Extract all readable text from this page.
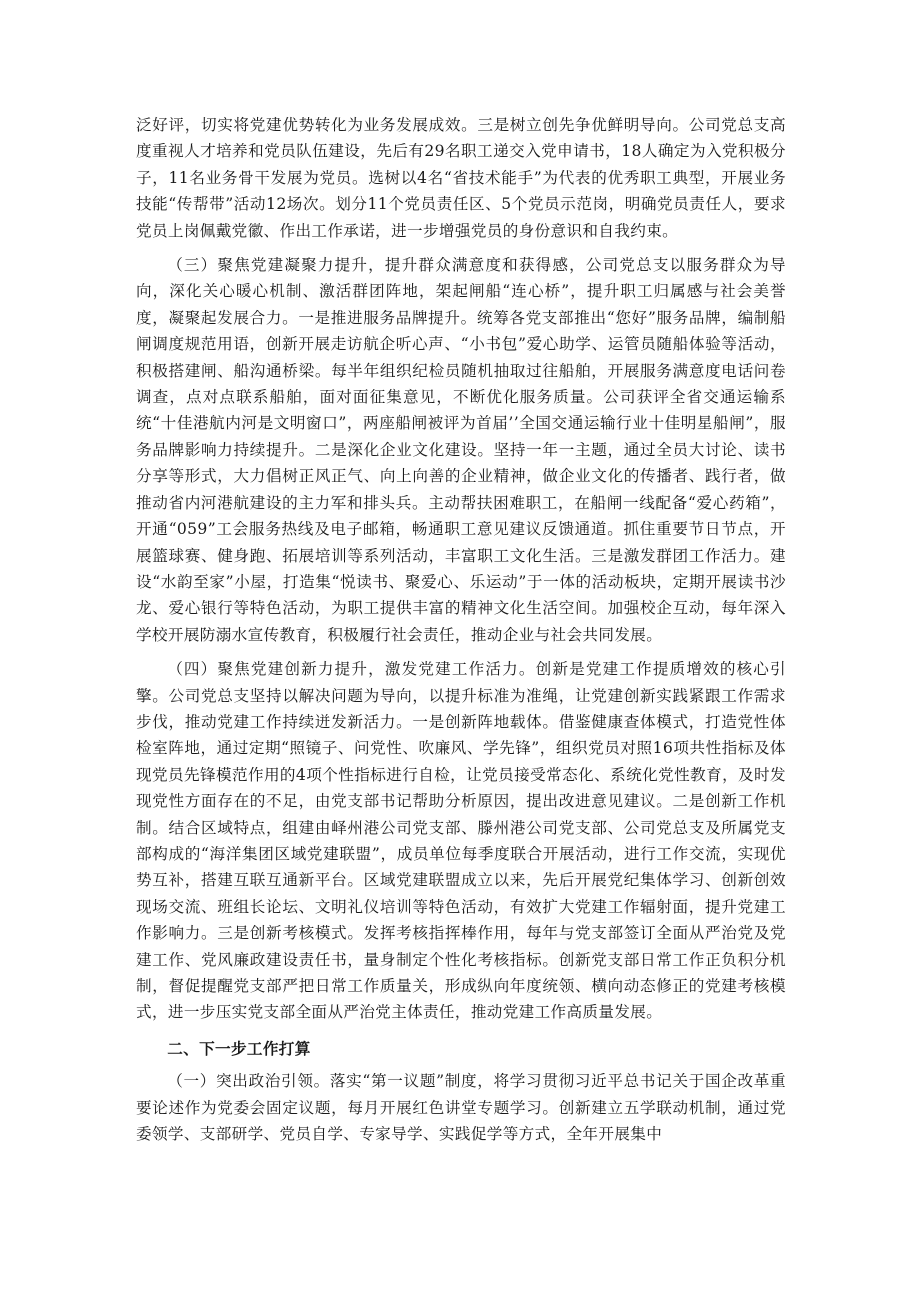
泛好评，切实将党建优势转化为业务发展成效。三是树立创先争优鲜明导向。公司党总支高度重视人才培养和党员队伍建设，先后有29名职工递交入党申请书，18人确定为入党积极分子，11名业务骨干发展为党员。选树以4名“省技术能手”为代表的优秀职工典型，开展业务技能“传帮带”活动12场次。划分11个党员责任区、5个党员示范岗，明确党员责任人，要求党员上岗佩戴党徽、作出工作承诺，进一步增强党员的身份意识和自我约束。

（三）聚焦党建凝聚力提升，提升群众满意度和获得感，公司党总支以服务群众为导向，深化关心暖心机制、激活群团阵地，架起闸船“连心桥”，提升职工归属感与社会美誉度，凝聚起发展合力。一是推进服务品牌提升。统筹各党支部推出“您好”服务品牌，编制船闸调度规范用语，创新开展走访航企听心声、“小书包”爱心助学、运管员随船体验等活动，积极搭建闸、船沟通桥梁。每半年组织纪检员随机抽取过往船舶，开展服务满意度电话问卷调查，点对点联系船舶，面对面征集意见，不断优化服务质量。公司获评全省交通运输系统“十佳港航内河是文明窗口”，两座船闸被评为首届’’全国交通运输行业十佳明星船闸”，服务品牌影响力持续提升。二是深化企业文化建设。坚持一年一主题，通过全员大讨论、读书分享等形式，大力倡树正风正气、向上向善的企业精神，做企业文化的传播者、践行者，做推动省内河港航建设的主力军和排头兵。主动帮扶困难职工，在船闸一线配备“爱心药箱”，开通“059”工会服务热线及电子邮箱，畅通职工意见建议反馈通道。抓住重要节日节点，开展篮球赛、健身跑、拓展培训等系列活动，丰富职工文化生活。三是激发群团工作活力。建设“水韵至家”小屋，打造集“悦读书、聚爱心、乐运动”于一体的活动板块，定期开展读书沙龙、爱心银行等特色活动，为职工提供丰富的精神文化生活空间。加强校企互动，每年深入学校开展防溺水宣传教育，积极履行社会责任，推动企业与社会共同发展。

（四）聚焦党建创新力提升，激发党建工作活力。创新是党建工作提质增效的核心引擎。公司党总支坚持以解决问题为导向，以提升标准为准绳，让党建创新实践紧跟工作需求步伐，推动党建工作持续迸发新活力。一是创新阵地载体。借鉴健康查体模式，打造党性体检室阵地，通过定期“照镜子、问党性、吹廉风、学先锋”，组织党员对照16项共性指标及体现党员先锋模范作用的4项个性指标进行自检，让党员接受常态化、系统化党性教育，及时发现党性方面存在的不足，由党支部书记帮助分析原因，提出改进意见建议。二是创新工作机制。结合区域特点，组建由峄州港公司党支部、滕州港公司党支部、公司党总支及所属党支部构成的“海洋集团区域党建联盟”，成员单位每季度联合开展活动，进行工作交流，实现优势互补，搭建互联互通新平台。区域党建联盟成立以来，先后开展党纪集体学习、创新创效现场交流、班组长论坛、文明礼仪培训等特色活动，有效扩大党建工作辐射面，提升党建工作影响力。三是创新考核模式。发挥考核指挥棒作用，每年与党支部签订全面从严治党及党建工作、党风廉政建设责任书，量身制定个性化考核指标。创新党支部日常工作正负积分机制，督促提醒党支部严把日常工作质量关，形成纵向年度统领、横向动态修正的党建考核模式，进一步压实党支部全面从严治党主体责任，推动党建工作高质量发展。

二、下一步工作打算

（一）突出政治引领。落实“第一议题”制度，将学习贯彻习近平总书记关于国企改革重要论述作为党委会固定议题，每月开展红色讲堂专题学习。创新建立五学联动机制，通过党委领学、支部研学、党员自学、专家导学、实践促学等方式，全年开展集中
